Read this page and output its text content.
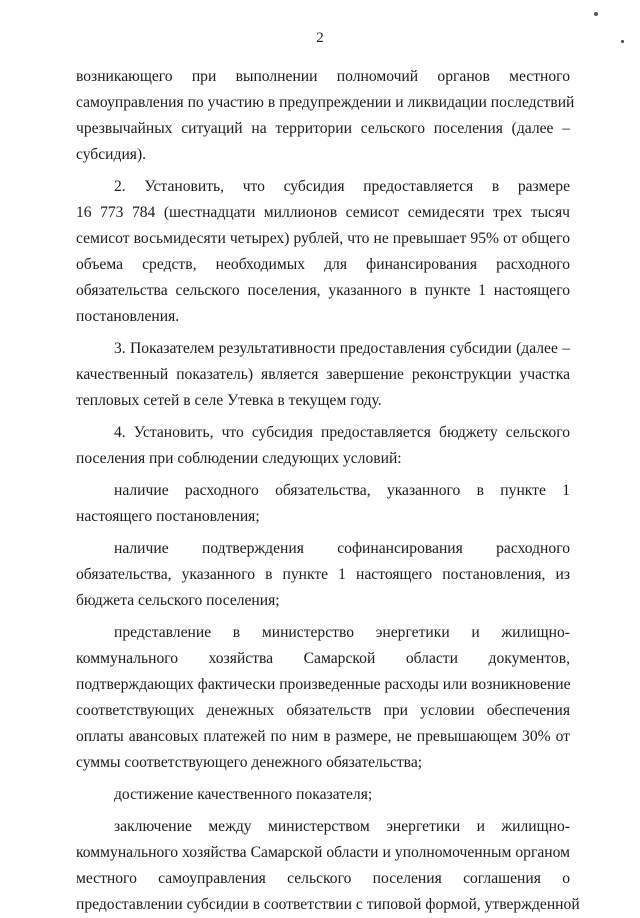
2

возникающего при выполнении полномочий органов местного
самоуправления по участию в предупреждении и ликвидации последствий
чрезвычайных ситуаций на территории сельского поселения (далее –
субсидия).

2. Установить, что субсидия предоставляется в размере
16 773 784 (шестнадцати миллионов семисот семидесяти трех тысяч
семисот восьмидесяти четырех) рублей, что не превышает 95% от общего
объема средств, необходимых для финансирования расходного
обязательства сельского поселения, указанного в пункте 1 настоящего
постановления.

3. Показателем результативности предоставления субсидии (далее –
качественный показатель) является завершение реконструкции участка
тепловых сетей в селе Утевка в текущем году.

4. Установить, что субсидия предоставляется бюджету сельского
поселения при соблюдении следующих условий:

наличие расходного обязательства, указанного в пункте 1
настоящего постановления;

наличие подтверждения софинансирования расходного
обязательства, указанного в пункте 1 настоящего постановления, из
бюджета сельского поселения;

представление в министерство энергетики и жилищно-
коммунального хозяйства Самарской области документов,
подтверждающих фактически произведенные расходы или возникновение
соответствующих денежных обязательств при условии обеспечения
оплаты авансовых платежей по ним в размере, не превышающем 30% от
суммы соответствующего денежного обязательства;

достижение качественного показателя;

заключение между министерством энергетики и жилищно-
коммунального хозяйства Самарской области и уполномоченным органом
местного самоуправления сельского поселения соглашения о
предоставлении субсидии в соответствии с типовой формой, утвержденной
